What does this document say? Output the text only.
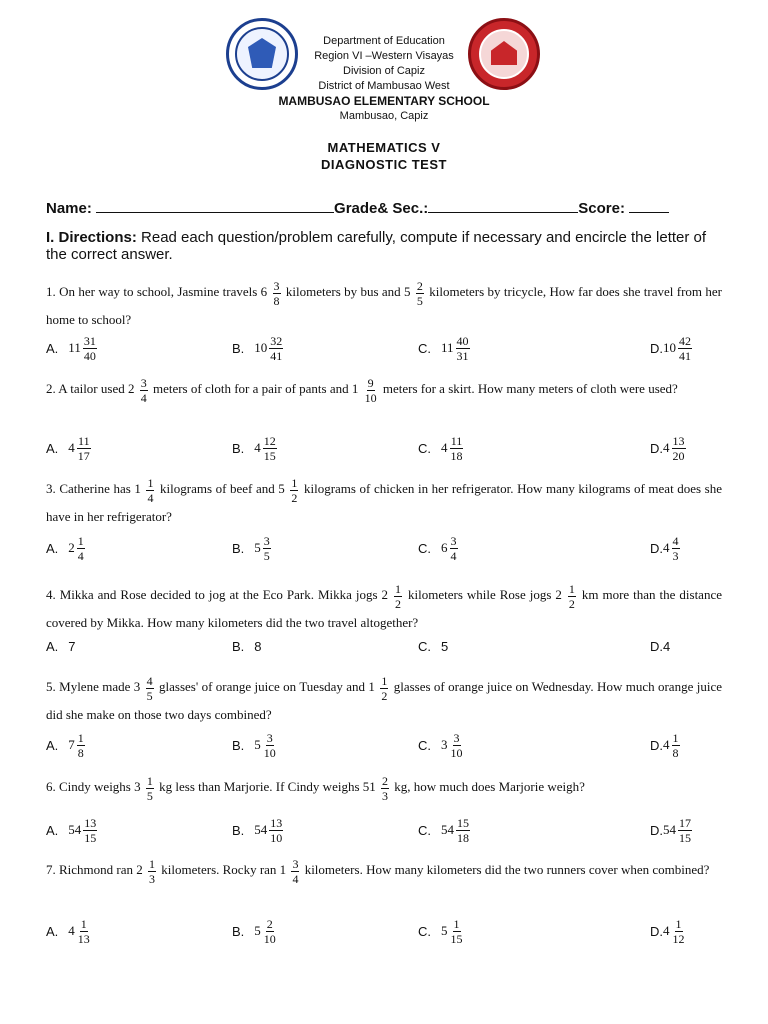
Department of Education
Region VI –Western Visayas
Division of Capiz
District of Mambusao West
MAMBUSAO ELEMENTARY SCHOOL
Mambusao, Capiz
MATHEMATICS V
DIAGNOSTIC TEST
Name:	Grade& Sec.:	Score:
I. Directions: Read each question/problem carefully, compute if necessary and encircle the letter of the correct answer.
1. On her way to school, Jasmine travels $6 \frac{3}{8}$ kilometers by bus and $5 \frac{2}{5}$ kilometers by tricycle, How far does she travel from her home to school?
A. $11 \frac{31}{40}$	B. $10 \frac{32}{41}$	C. $11 \frac{40}{31}$	D. $10 \frac{42}{41}$
2. A tailor used $2 \frac{3}{4}$ meters of cloth for a pair of pants and $1 \frac{9}{10}$ meters for a skirt. How many meters of cloth were used?
A. $4 \frac{11}{17}$	B. $4 \frac{12}{15}$	C. $4 \frac{11}{18}$	D. $4 \frac{13}{20}$
3. Catherine has $1 \frac{1}{4}$ kilograms of beef and $5 \frac{1}{2}$ kilograms of chicken in her refrigerator. How many kilograms of meat does she have in her refrigerator?
A. $2 \frac{1}{4}$	B. $5 \frac{3}{5}$	C. $6 \frac{3}{4}$	D. $4 \frac{4}{3}$
4. Mikka and Rose decided to jog at the Eco Park. Mikka jogs $2 \frac{1}{2}$ kilometers while Rose jogs $2 \frac{1}{2}$ km more than the distance covered by Mikka. How many kilometers did the two travel altogether?
A. 7	B. 8	C. 5	D. 4
5. Mylene made $3 \frac{4}{5}$ glasses' of orange juice on Tuesday and $1 \frac{1}{2}$ glasses of orange juice on Wednesday. How much orange juice did she make on those two days combined?
A. $7 \frac{1}{8}$	B. $5 \frac{3}{10}$	C. $3 \frac{3}{10}$	D. $4 \frac{1}{8}$
6. Cindy weighs $3 \frac{1}{5}$ kg less than Marjorie. If Cindy weighs $51 \frac{2}{3}$ kg, how much does Marjorie weigh?
A. $54 \frac{13}{15}$	B. $54 \frac{13}{10}$	C. $54 \frac{15}{18}$	D. $54 \frac{17}{15}$
7. Richmond ran $2 \frac{1}{3}$ kilometers. Rocky ran $1 \frac{3}{4}$ kilometers. How many kilometers did the two runners cover when combined?
A. $4 \frac{1}{13}$	B. $5 \frac{2}{10}$	C. $5 \frac{1}{15}$	D. $4 \frac{1}{12}$
